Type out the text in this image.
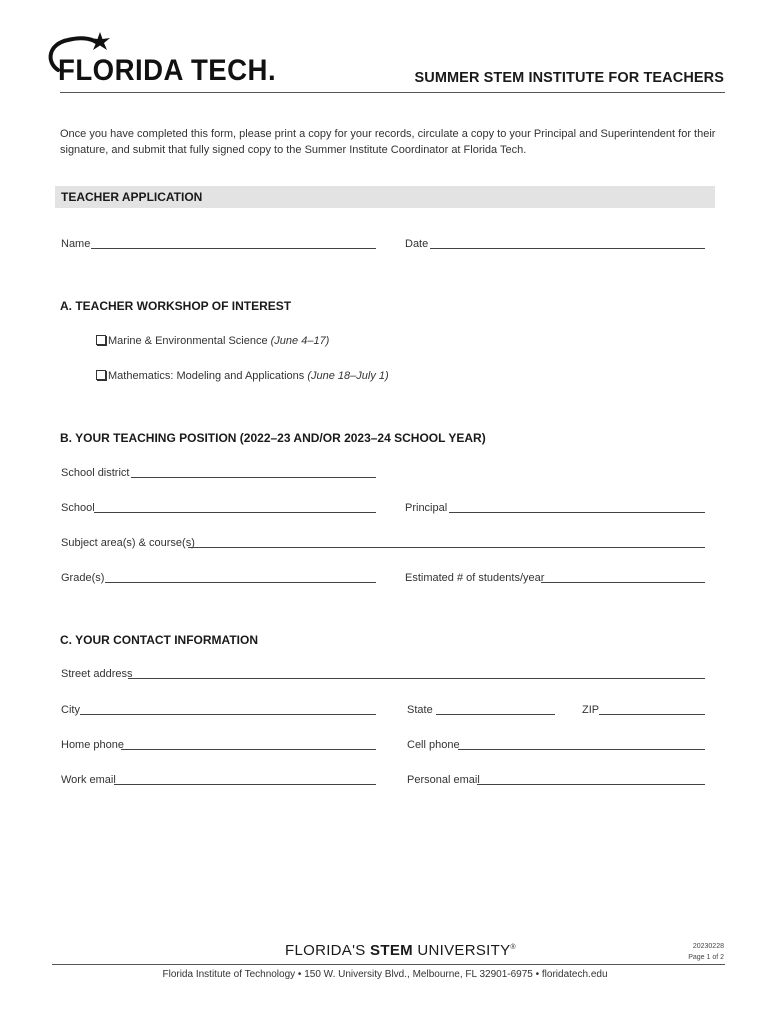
FLORIDA TECH.	SUMMER STEM INSTITUTE FOR TEACHERS
Once you have completed this form, please print a copy for your records, circulate a copy to your Principal and Superintendent for their signature, and submit that fully signed copy to the Summer Institute Coordinator at Florida Tech.
TEACHER APPLICATION
Name	Date
A. TEACHER WORKSHOP OF INTEREST
Marine & Environmental Science (June 4–17)
Mathematics: Modeling and Applications (June 18–July 1)
B. YOUR TEACHING POSITION (2022–23 AND/OR 2023–24 SCHOOL YEAR)
School district
School	Principal
Subject area(s) & course(s)
Grade(s)	Estimated # of students/year
C. YOUR CONTACT INFORMATION
Street address
City	State	ZIP
Home phone	Cell phone
Work email	Personal email
FLORIDA'S STEM UNIVERSITY®	20230228
Page 1 of 2
Florida Institute of Technology • 150 W. University Blvd., Melbourne, FL 32901-6975 • floridatech.edu
